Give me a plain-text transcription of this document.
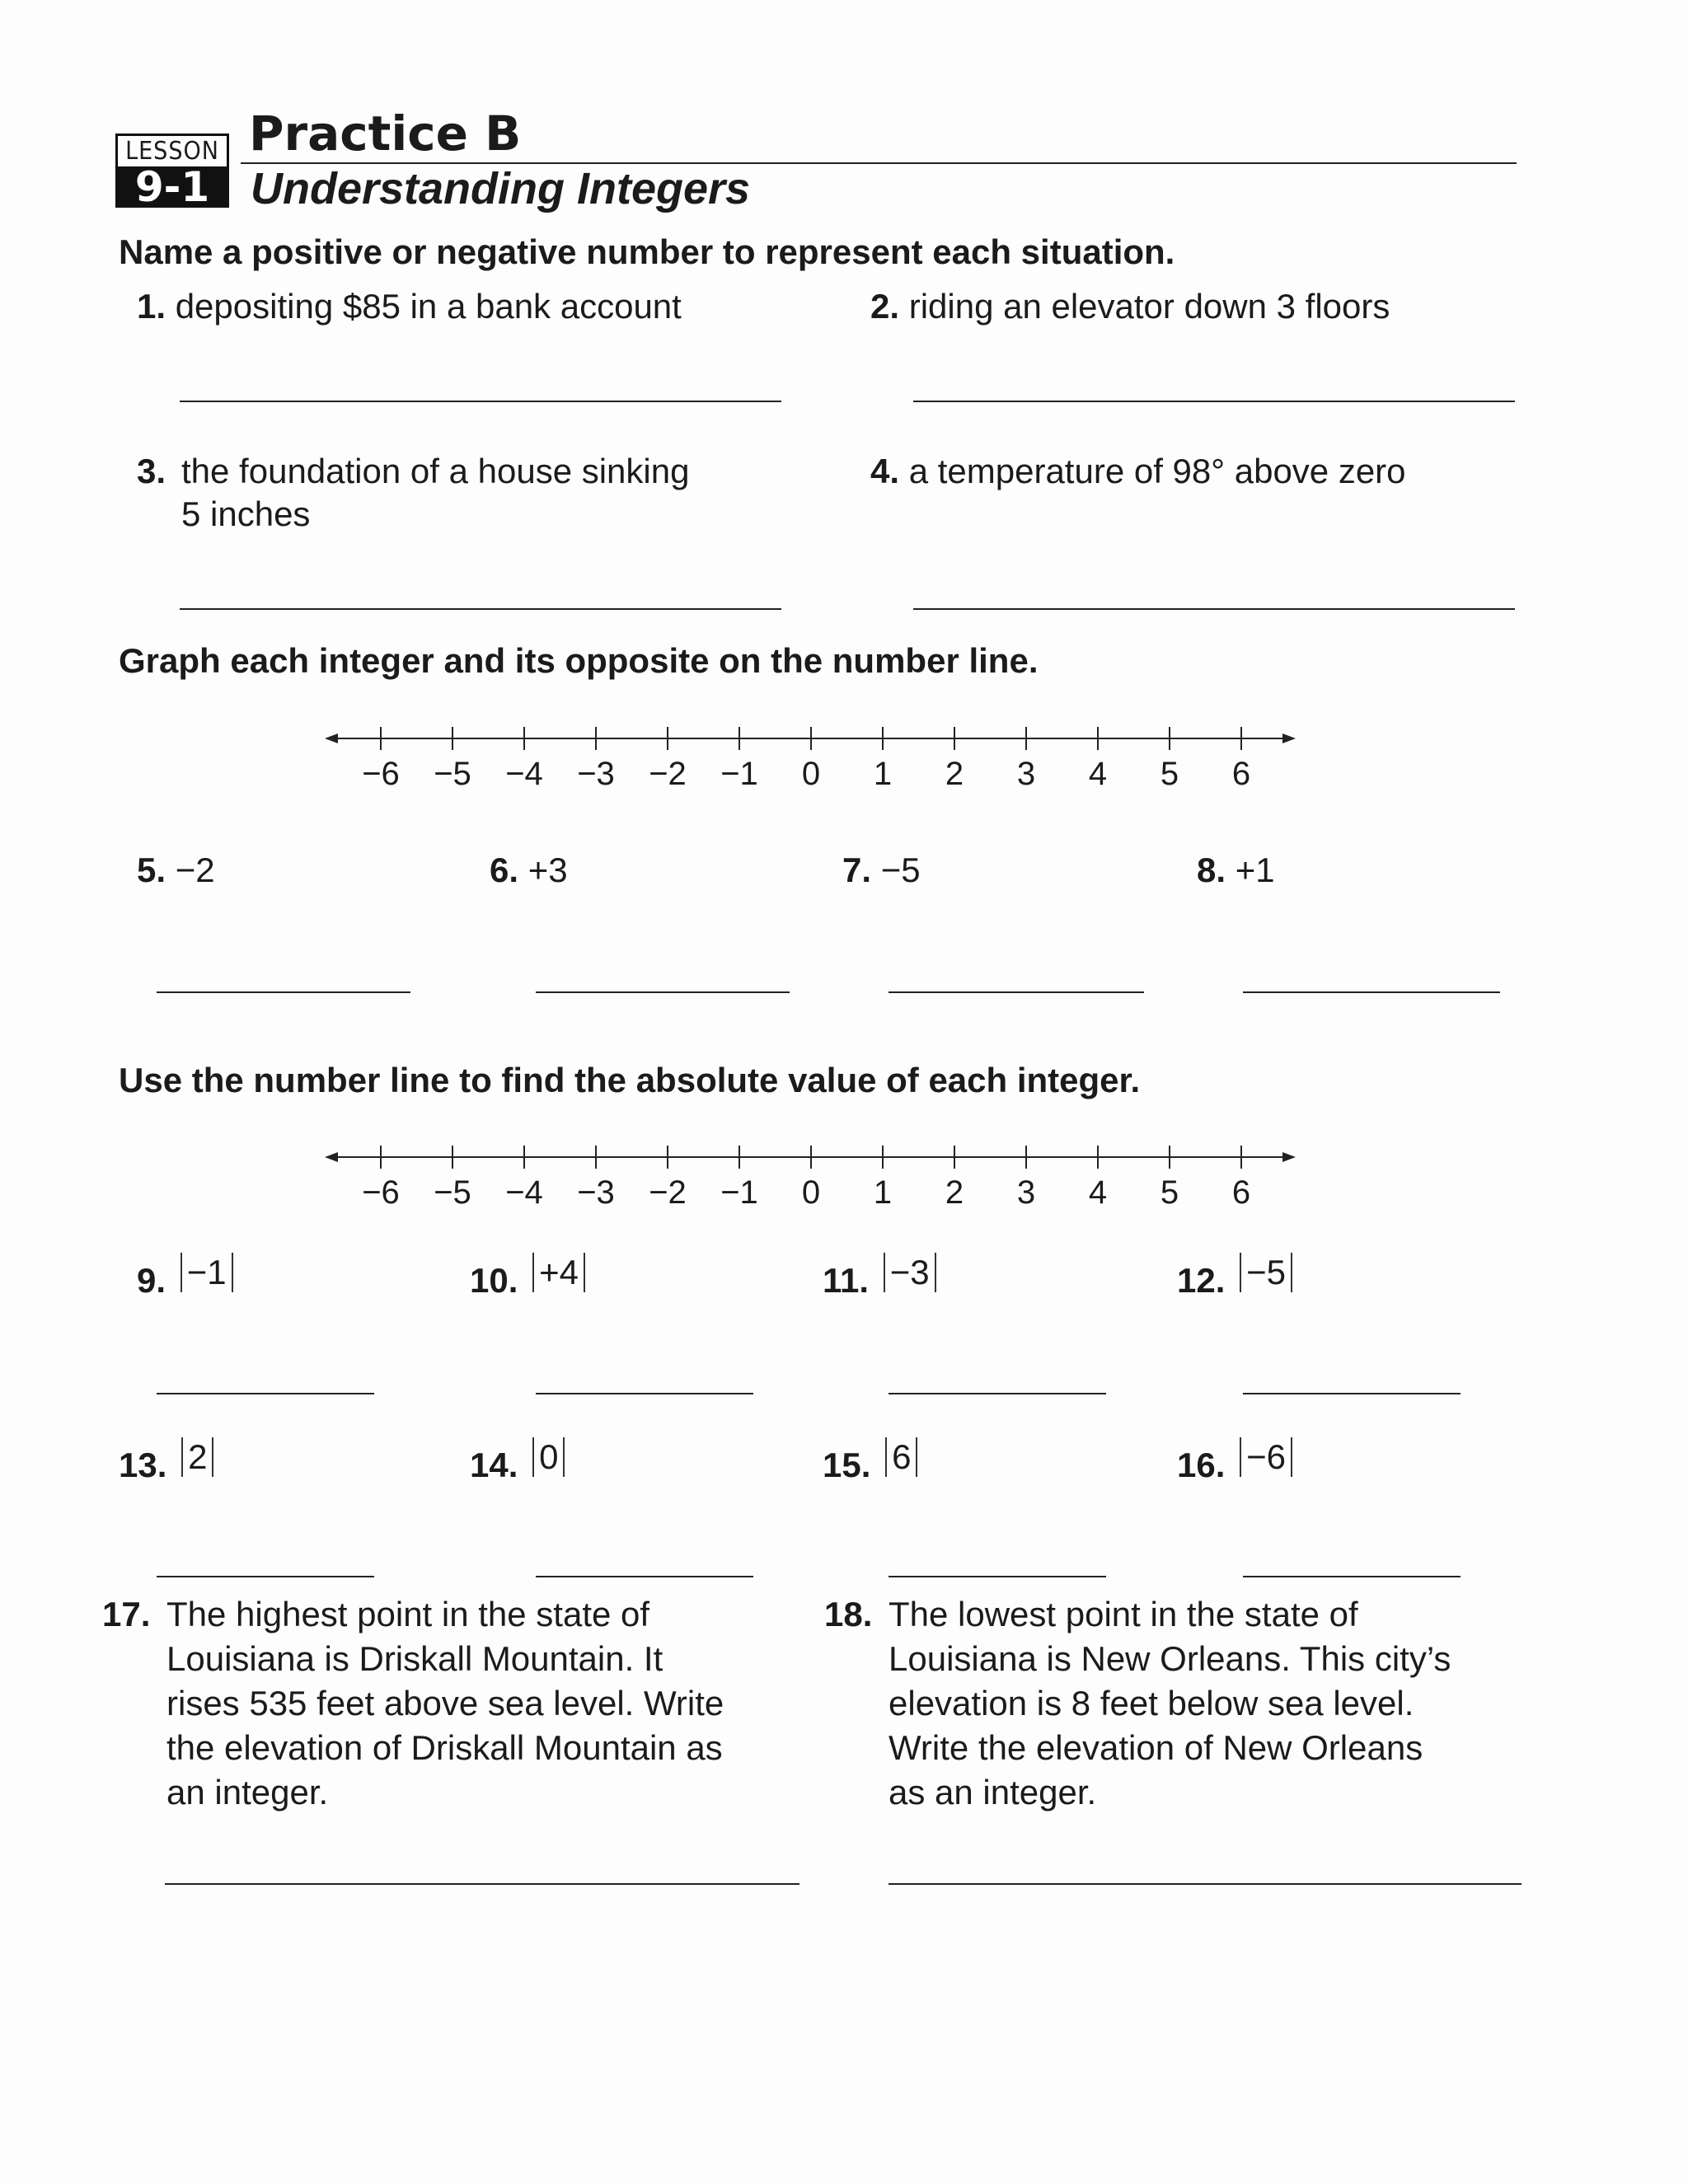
LESSON
9-1
Practice B
Understanding Integers
Name a positive or negative number to represent each situation.
1. depositing $85 in a bank account	2. riding an elevator down 3 floors
3. the foundation of a house sinking
5 inches
4. a temperature of 98° above zero
Graph each integer and its opposite on the number line.
−6 −5 −4 −3 −2 −1 0 1 2 3 4 5 6
5. −2	6. +3	7. −5	8. +1
Use the number line to find the absolute value of each integer.
−6 −5 −4 −3 −2 −1 0 1 2 3 4 5 6
9. −1	10. +4	11. −3	12. −5
13. 2	14. 0	15. 6	16. −6
17. The highest point in the state of
Louisiana is Driskall Mountain. It
rises 535 feet above sea level. Write
the elevation of Driskall Mountain as
an integer.
18. The lowest point in the state of
Louisiana is New Orleans. This city’s
elevation is 8 feet below sea level.
Write the elevation of New Orleans
as an integer.
